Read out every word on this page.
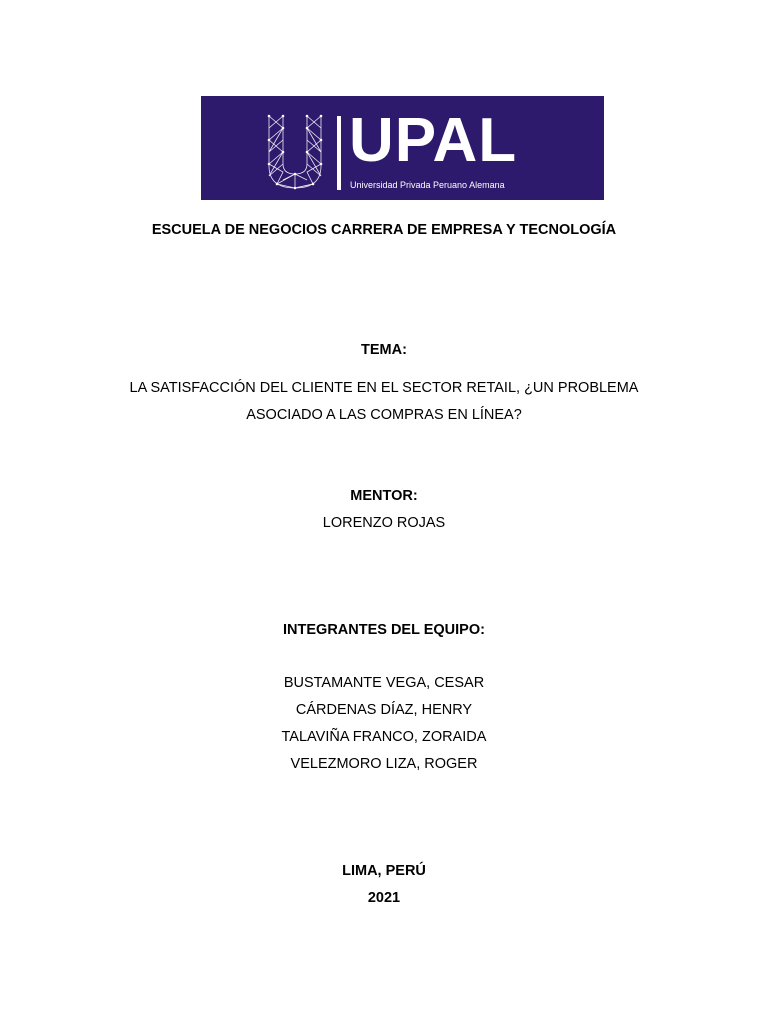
UPAL
Universidad Privada Peruano Alemana
ESCUELA DE NEGOCIOS CARRERA DE EMPRESA Y TECNOLOGÍA
TEMA:
LA SATISFACCIÓN DEL CLIENTE EN EL SECTOR RETAIL, ¿UN PROBLEMA
ASOCIADO A LAS COMPRAS EN LÍNEA?
MENTOR:
LORENZO ROJAS
INTEGRANTES DEL EQUIPO:
BUSTAMANTE VEGA, CESAR
CÁRDENAS DÍAZ, HENRY
TALAVIÑA FRANCO, ZORAIDA
VELEZMORO LIZA, ROGER
LIMA, PERÚ
2021
